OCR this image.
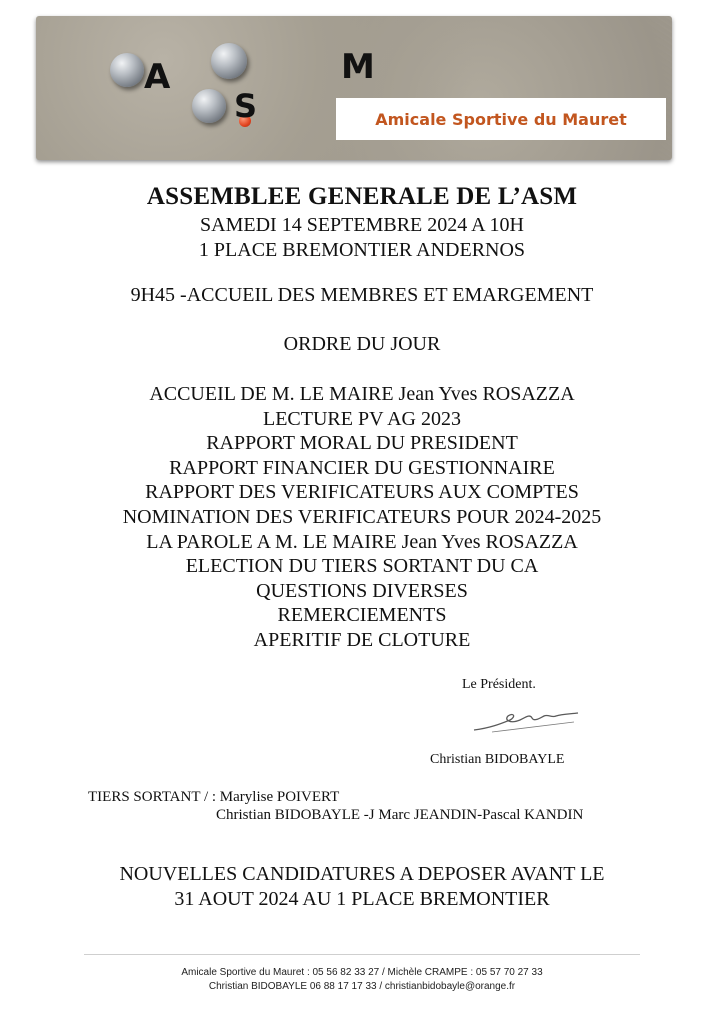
A
S
M
Amicale Sportive du Mauret
ASSEMBLEE GENERALE DE L’ASM
SAMEDI 14 SEPTEMBRE 2024 A 10H
1 PLACE BREMONTIER ANDERNOS
9H45 -ACCUEIL DES MEMBRES ET EMARGEMENT
ORDRE DU JOUR
ACCUEIL DE M. LE MAIRE Jean Yves ROSAZZA
LECTURE PV AG 2023
RAPPORT MORAL DU PRESIDENT
RAPPORT FINANCIER DU GESTIONNAIRE
RAPPORT DES VERIFICATEURS AUX COMPTES
NOMINATION DES VERIFICATEURS POUR 2024-2025
LA PAROLE A M. LE MAIRE Jean Yves ROSAZZA
ELECTION DU TIERS SORTANT DU CA
QUESTIONS DIVERSES
REMERCIEMENTS
APERITIF DE CLOTURE
Le Président.
Christian BIDOBAYLE
TIERS SORTANT / : Marylise POIVERT
Christian BIDOBAYLE -J Marc JEANDIN-Pascal KANDIN
NOUVELLES CANDIDATURES A DEPOSER AVANT LE
31 AOUT 2024 AU 1 PLACE BREMONTIER
Amicale Sportive du Mauret : 05 56 82 33 27 / Michèle CRAMPE : 05 57 70 27 33
Christian BIDOBAYLE 06 88 17 17 33 / christianbidobayle@orange.fr
